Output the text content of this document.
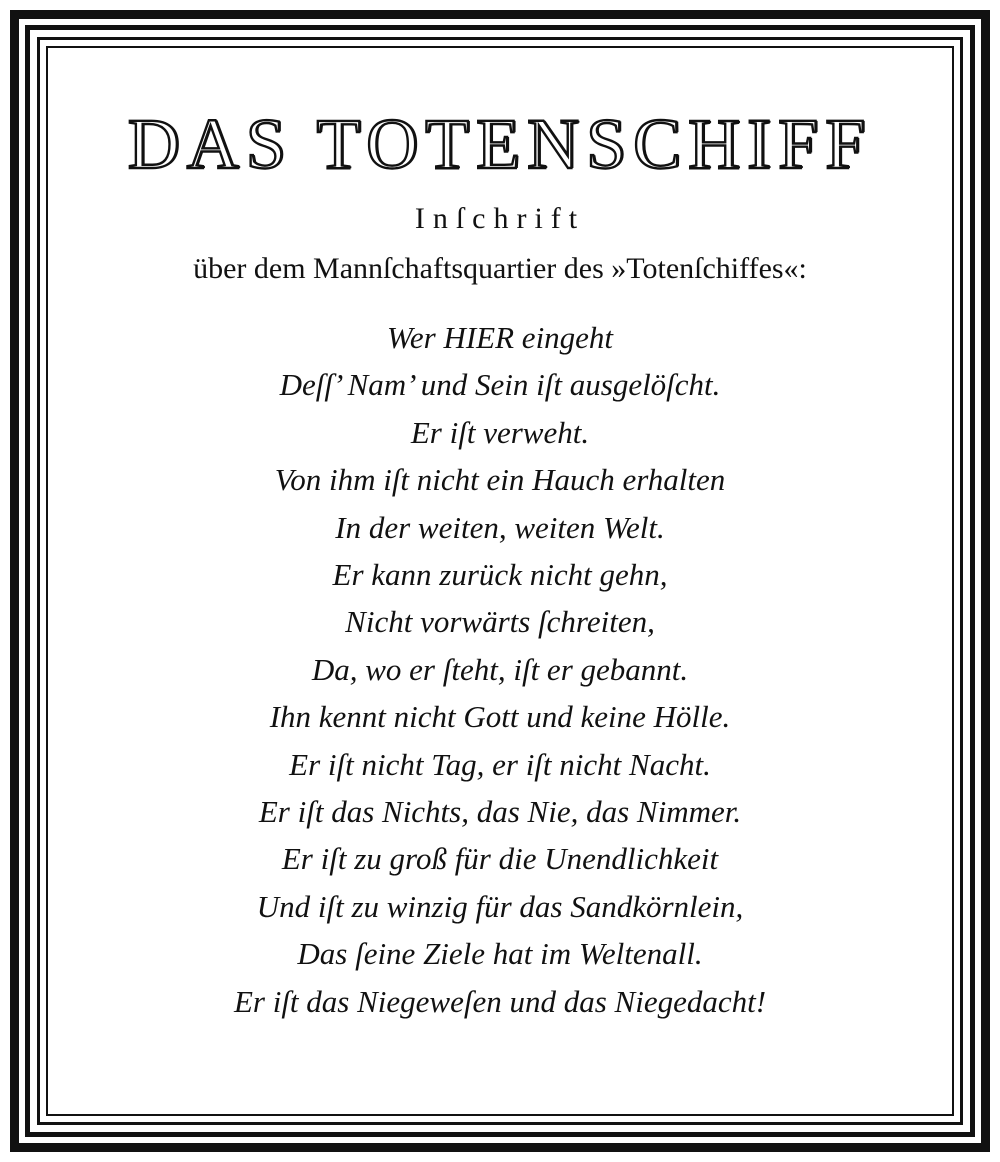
DAS TOTENSCHIFF
Inſchrift
über dem Mannſchaftsquartier des »Totenſchiffes«:
Wer HIER eingeht
Deſſ’ Nam’ und Sein iſt ausgelöſcht.
Er iſt verweht.
Von ihm iſt nicht ein Hauch erhalten
In der weiten, weiten Welt.
Er kann zurück nicht gehn,
Nicht vorwärts ſchreiten,
Da, wo er ſteht, iſt er gebannt.
Ihn kennt nicht Gott und keine Hölle.
Er iſt nicht Tag, er iſt nicht Nacht.
Er iſt das Nichts, das Nie, das Nimmer.
Er iſt zu groß für die Unendlichkeit
Und iſt zu winzig für das Sandkörnlein,
Das ſeine Ziele hat im Weltenall.
Er iſt das Niegeweſen und das Niegedacht!
